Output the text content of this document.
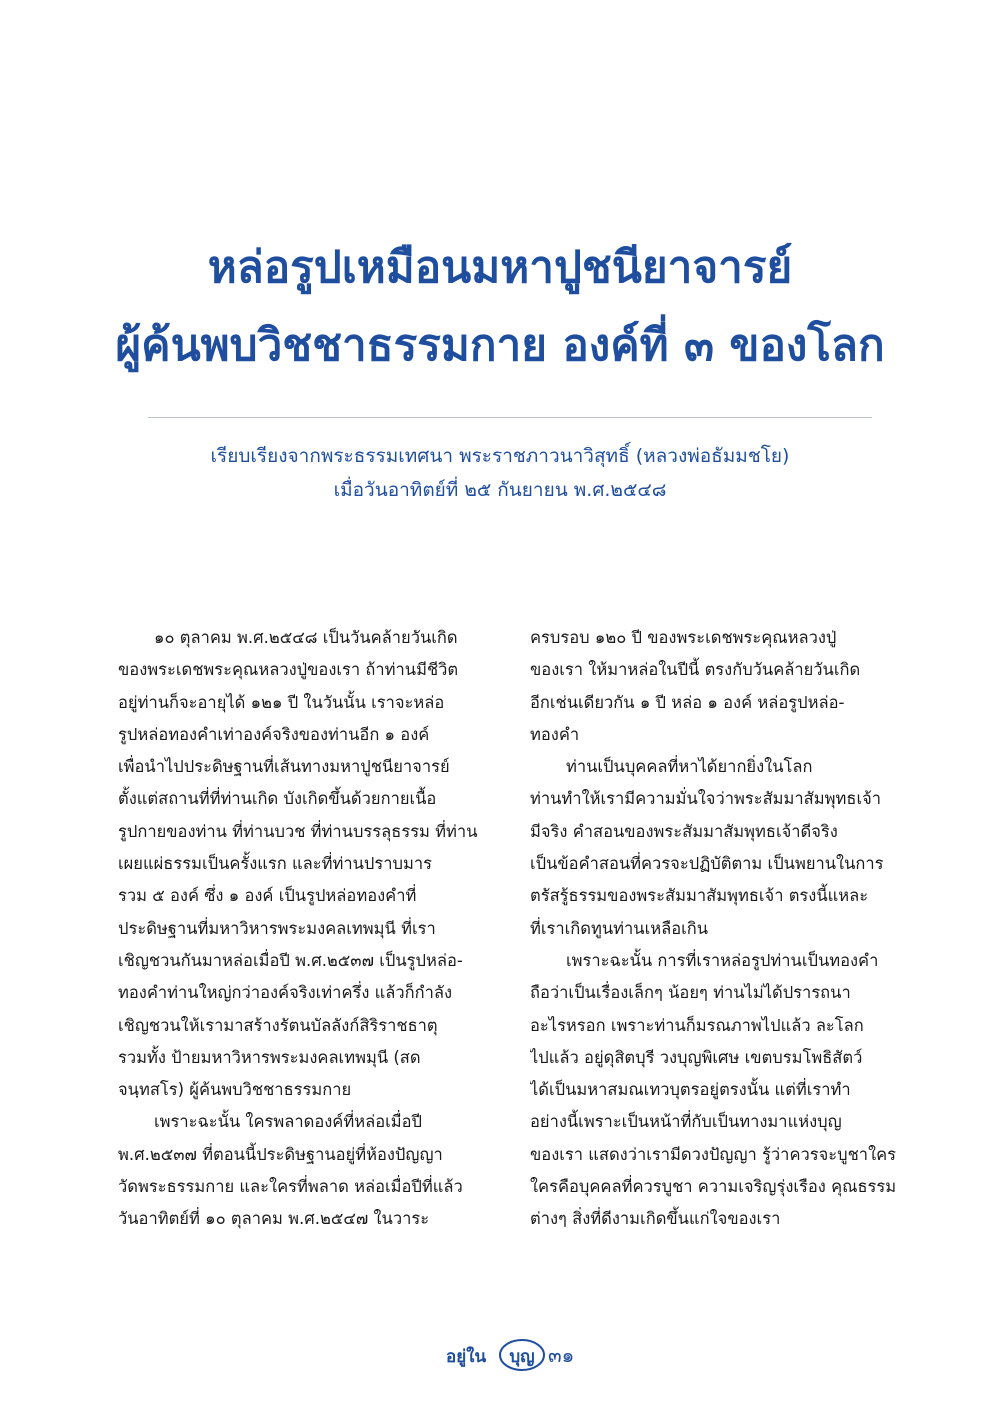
หล่อรูปเหมือนมหาปูชนียาจารย์
ผู้ค้นพบวิชชาธรรมกาย องค์ที่ ๓ ของโลก
เรียบเรียงจากพระธรรมเทศนา พระราชภาวนาวิสุทธิ์ (หลวงพ่อธัมมชโย)
เมื่อวันอาทิตย์ที่ ๒๕ กันยายน พ.ศ.๒๕๔๘
๑๐ ตุลาคม พ.ศ.๒๕๔๘ เป็นวันคล้ายวันเกิด
ของพระเดชพระคุณหลวงปู่ของเรา ถ้าท่านมีชีวิต
อยู่ท่านก็จะอายุได้ ๑๒๑ ปี ในวันนั้น เราจะหล่อ
รูปหล่อทองคำเท่าองค์จริงของท่านอีก ๑ องค์
เพื่อนำไปประดิษฐานที่เส้นทางมหาปูชนียาจารย์
ตั้งแต่สถานที่ที่ท่านเกิด บังเกิดขึ้นด้วยกายเนื้อ
รูปกายของท่าน ที่ท่านบวช ที่ท่านบรรลุธรรม ที่ท่าน
เผยแผ่ธรรมเป็นครั้งแรก และที่ท่านปราบมาร
รวม ๕ องค์ ซึ่ง ๑ องค์ เป็นรูปหล่อทองคำที่
ประดิษฐานที่มหาวิหารพระมงคลเทพมุนี ที่เรา
เชิญชวนกันมาหล่อเมื่อปี พ.ศ.๒๕๓๗ เป็นรูปหล่อ-
ทองคำท่านใหญ่กว่าองค์จริงเท่าครึ่ง แล้วก็กำลัง
เชิญชวนให้เรามาสร้างรัตนบัลลังก์สิริราชธาตุ
รวมทั้ง ป้ายมหาวิหารพระมงคลเทพมุนี (สด
จนฺทสโร) ผู้ค้นพบวิชชาธรรมกาย
เพราะฉะนั้น ใครพลาดองค์ที่หล่อเมื่อปี
พ.ศ.๒๕๓๗ ที่ตอนนี้ประดิษฐานอยู่ที่ห้องปัญญา
วัดพระธรรมกาย และใครที่พลาด หล่อเมื่อปีที่แล้ว
วันอาทิตย์ที่ ๑๐ ตุลาคม พ.ศ.๒๕๔๗ ในวาระ
ครบรอบ ๑๒๐ ปี ของพระเดชพระคุณหลวงปู่
ของเรา ให้มาหล่อในปีนี้ ตรงกับวันคล้ายวันเกิด
อีกเช่นเดียวกัน ๑ ปี หล่อ ๑ องค์ หล่อรูปหล่อ-
ทองคำ
ท่านเป็นบุคคลที่หาได้ยากยิ่งในโลก
ท่านทำให้เรามีความมั่นใจว่าพระสัมมาสัมพุทธเจ้า
มีจริง คำสอนของพระสัมมาสัมพุทธเจ้าดีจริง
เป็นข้อคำสอนที่ควรจะปฏิบัติตาม เป็นพยานในการ
ตรัสรู้ธรรมของพระสัมมาสัมพุทธเจ้า ตรงนี้แหละ
ที่เราเกิดทูนท่านเหลือเกิน
เพราะฉะนั้น การที่เราหล่อรูปท่านเป็นทองคำ
ถือว่าเป็นเรื่องเล็กๆ น้อยๆ ท่านไม่ได้ปรารถนา
อะไรหรอก เพราะท่านก็มรณภาพไปแล้ว ละโลก
ไปแล้ว อยู่ดุสิตบุรี วงบุญพิเศษ เขตบรมโพธิสัตว์
ได้เป็นมหาสมณเทวบุตรอยู่ตรงนั้น แต่ที่เราทำ
อย่างนี้เพราะเป็นหน้าที่กับเป็นทางมาแห่งบุญ
ของเรา แสดงว่าเรามีดวงปัญญา รู้ว่าควรจะบูชาใคร
ใครคือบุคคลที่ควรบูชา ความเจริญรุ่งเรือง คุณธรรม
ต่างๆ สิ่งที่ดีงามเกิดขึ้นแก่ใจของเรา
อยู่ใน บุญ ๓๑
